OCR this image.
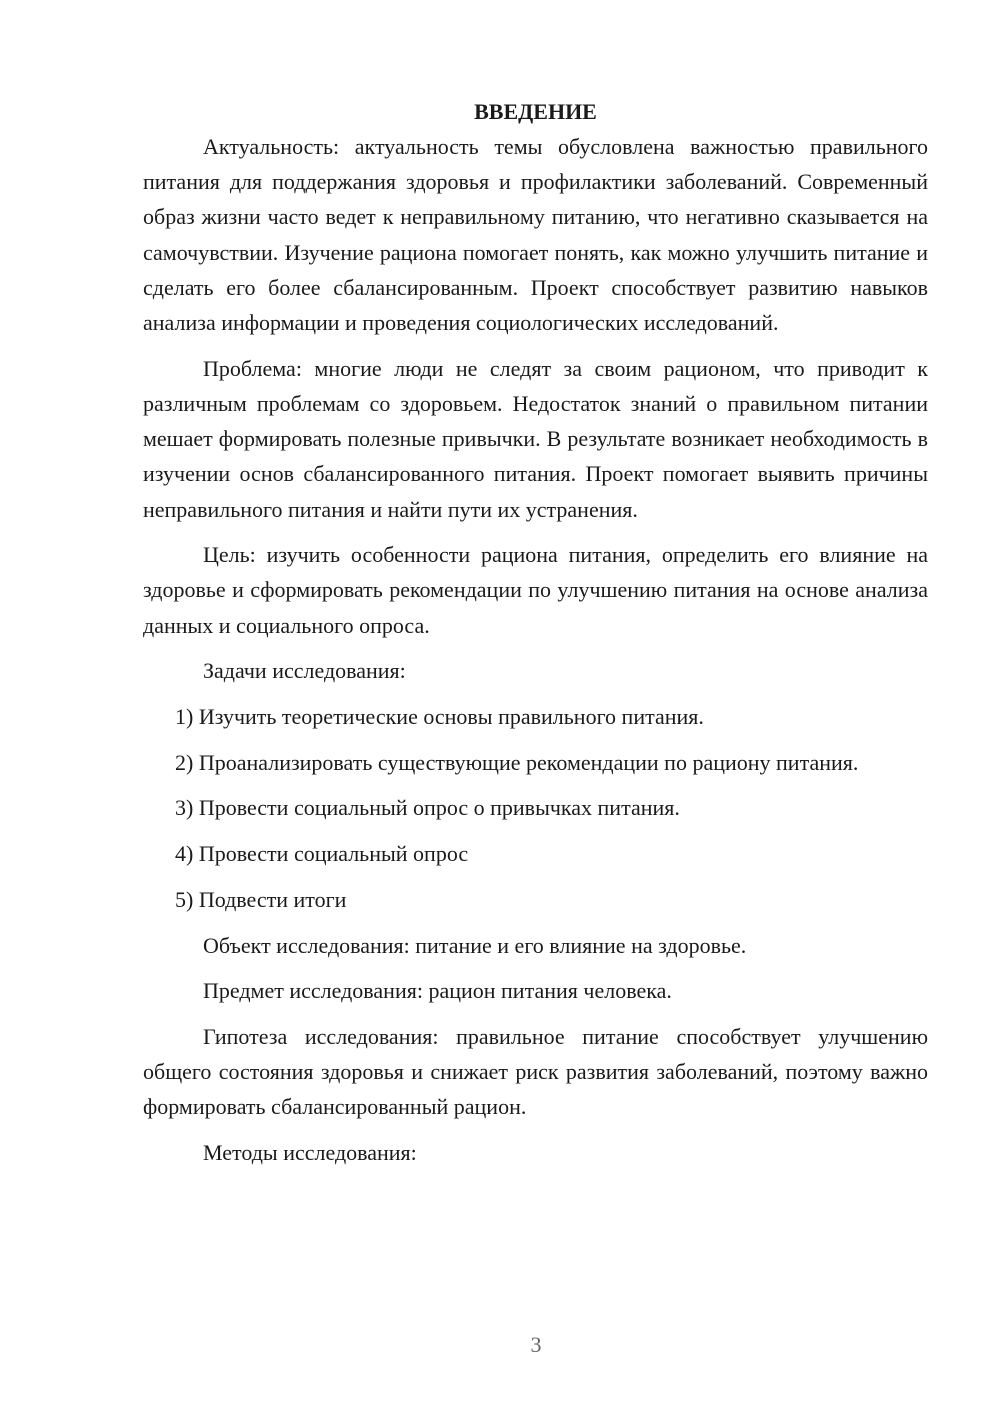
ВВЕДЕНИЕ

Актуальность: актуальность темы обусловлена важностью правильного питания для поддержания здоровья и профилактики заболеваний. Современный образ жизни часто ведет к неправильному питанию, что негативно сказывается на самочувствии. Изучение рациона помогает понять, как можно улучшить питание и сделать его более сбалансированным. Проект способствует развитию навыков анализа информации и проведения социологических исследований.

Проблема: многие люди не следят за своим рационом, что приводит к различным проблемам со здоровьем. Недостаток знаний о правильном питании мешает формировать полезные привычки. В результате возникает необходимость в изучении основ сбалансированного питания. Проект помогает выявить причины неправильного питания и найти пути их устранения.

Цель: изучить особенности рациона питания, определить его влияние на здоровье и сформировать рекомендации по улучшению питания на основе анализа данных и социального опроса.

Задачи исследования:

1) Изучить теоретические основы правильного питания.

2) Проанализировать существующие рекомендации по рациону питания.

3) Провести социальный опрос о привычках питания.

4) Провести социальный опрос

5) Подвести итоги

Объект исследования: питание и его влияние на здоровье.

Предмет исследования: рацион питания человека.

Гипотеза исследования: правильное питание способствует улучшению общего состояния здоровья и снижает риск развития заболеваний, поэтому важно формировать сбалансированный рацион.

Методы исследования:

3
